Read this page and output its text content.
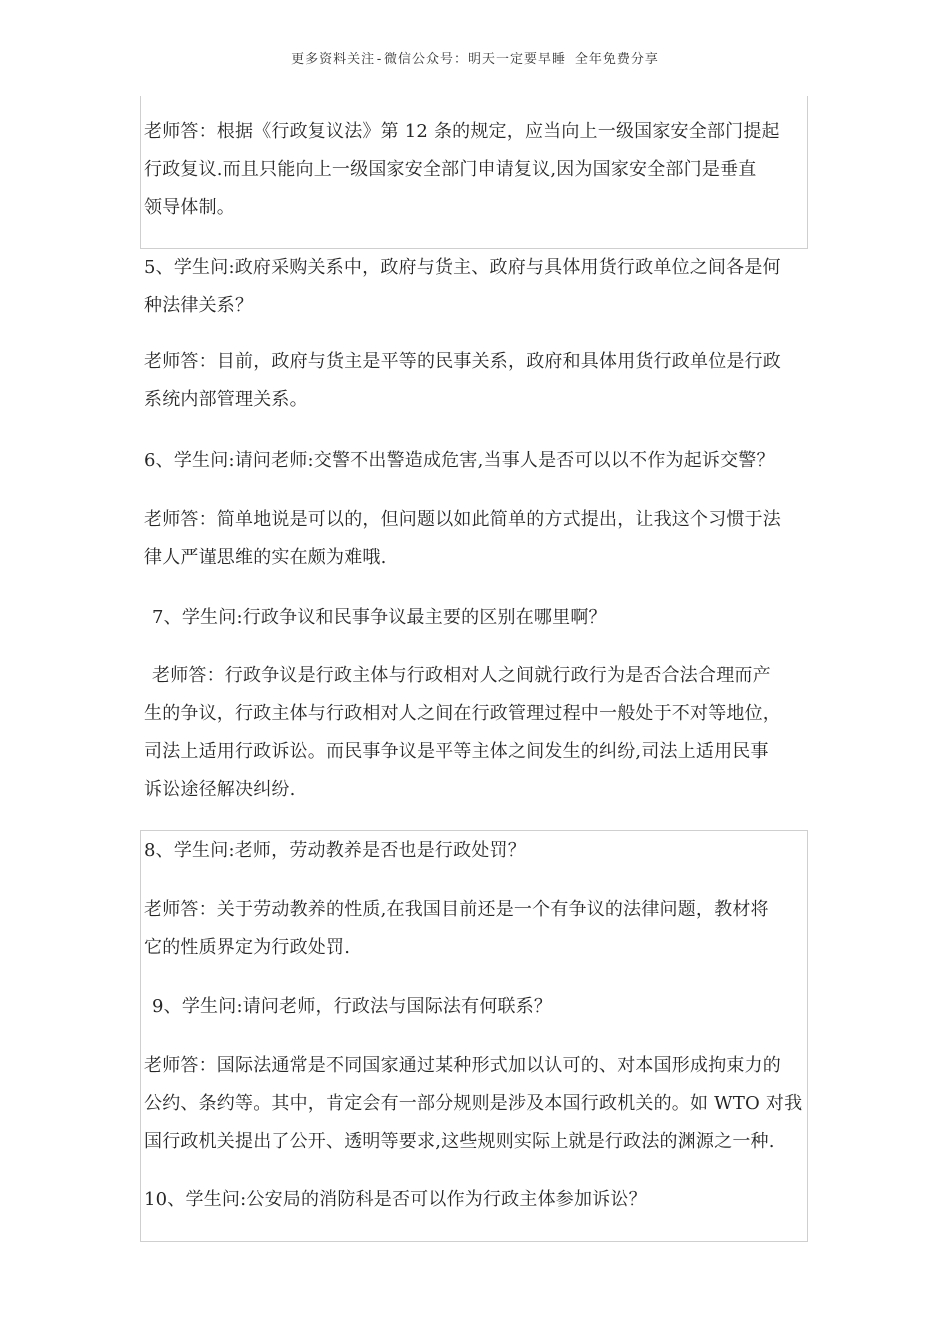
更多资料关注-微信公众号：明天一定要早睡 全年免费分享
老师答：根据《行政复议法》第 12 条的规定，应当向上一级国家安全部门提起
行政复议.而且只能向上一级国家安全部门申请复议,因为国家安全部门是垂直
领导体制。
5、学生问:政府采购关系中，政府与货主、政府与具体用货行政单位之间各是何
种法律关系？
老师答：目前，政府与货主是平等的民事关系，政府和具体用货行政单位是行政
系统内部管理关系。
6、学生问:请问老师:交警不出警造成危害,当事人是否可以以不作为起诉交警？
老师答：简单地说是可以的，但问题以如此简单的方式提出，让我这个习惯于法
律人严谨思维的实在颇为难哦.
7、学生问:行政争议和民事争议最主要的区别在哪里啊？
老师答：行政争议是行政主体与行政相对人之间就行政行为是否合法合理而产
生的争议，行政主体与行政相对人之间在行政管理过程中一般处于不对等地位，
司法上适用行政诉讼。而民事争议是平等主体之间发生的纠纷,司法上适用民事
诉讼途径解决纠纷.
8、学生问:老师，劳动教养是否也是行政处罚？
老师答：关于劳动教养的性质,在我国目前还是一个有争议的法律问题，教材将
它的性质界定为行政处罚.
9、学生问:请问老师，行政法与国际法有何联系？
老师答：国际法通常是不同国家通过某种形式加以认可的、对本国形成拘束力的
公约、条约等。其中，肯定会有一部分规则是涉及本国行政机关的。如 WTO 对我
国行政机关提出了公开、透明等要求,这些规则实际上就是行政法的渊源之一种.
10、学生问:公安局的消防科是否可以作为行政主体参加诉讼？
